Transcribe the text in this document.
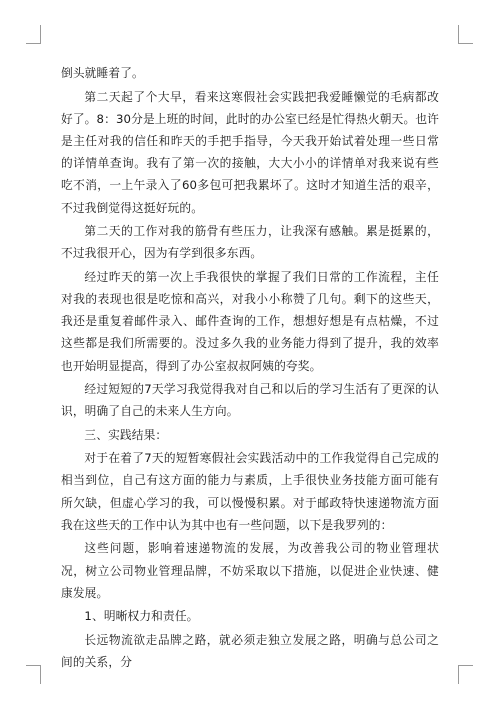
倒头就睡着了。

第二天起了个大早，看来这寒假社会实践把我爱睡懒觉的毛病都改好了。8：30分是上班的时间，此时的办公室已经是忙得热火朝天。也许是主任对我的信任和昨天的手把手指导，今天我开始试着处理一些日常的详情单查询。我有了第一次的接触，大大小小的详情单对我来说有些吃不消，一上午录入了60多包可把我累坏了。这时才知道生活的艰辛，不过我倒觉得这挺好玩的。

第二天的工作对我的筋骨有些压力，让我深有感触。累是挺累的，不过我很开心，因为有学到很多东西。

经过昨天的第一次上手我很快的掌握了我们日常的工作流程，主任对我的表现也很是吃惊和高兴，对我小小称赞了几句。剩下的这些天，我还是重复着邮件录入、邮件查询的工作，想想好想是有点枯燥，不过这些都是我们所需要的。没过多久我的业务能力得到了提升，我的效率也开始明显提高，得到了办公室叔叔阿姨的夸奖。

经过短短的7天学习我觉得我对自己和以后的学习生活有了更深的认识，明确了自己的未来人生方向。

三、实践结果：

对于在着了7天的短暂寒假社会实践活动中的工作我觉得自己完成的相当到位，自己有这方面的能力与素质，上手很快业务技能方面可能有所欠缺，但虚心学习的我，可以慢慢积累。对于邮政特快速递物流方面我在这些天的工作中认为其中也有一些问题，以下是我罗列的：

这些问题，影响着速递物流的发展，为改善我公司的物业管理状况，树立公司物业管理品牌，不妨采取以下措施，以促进企业快速、健康发展。

1、明晰权力和责任。

长远物流欲走品牌之路，就必须走独立发展之路，明确与总公司之间的关系，分
